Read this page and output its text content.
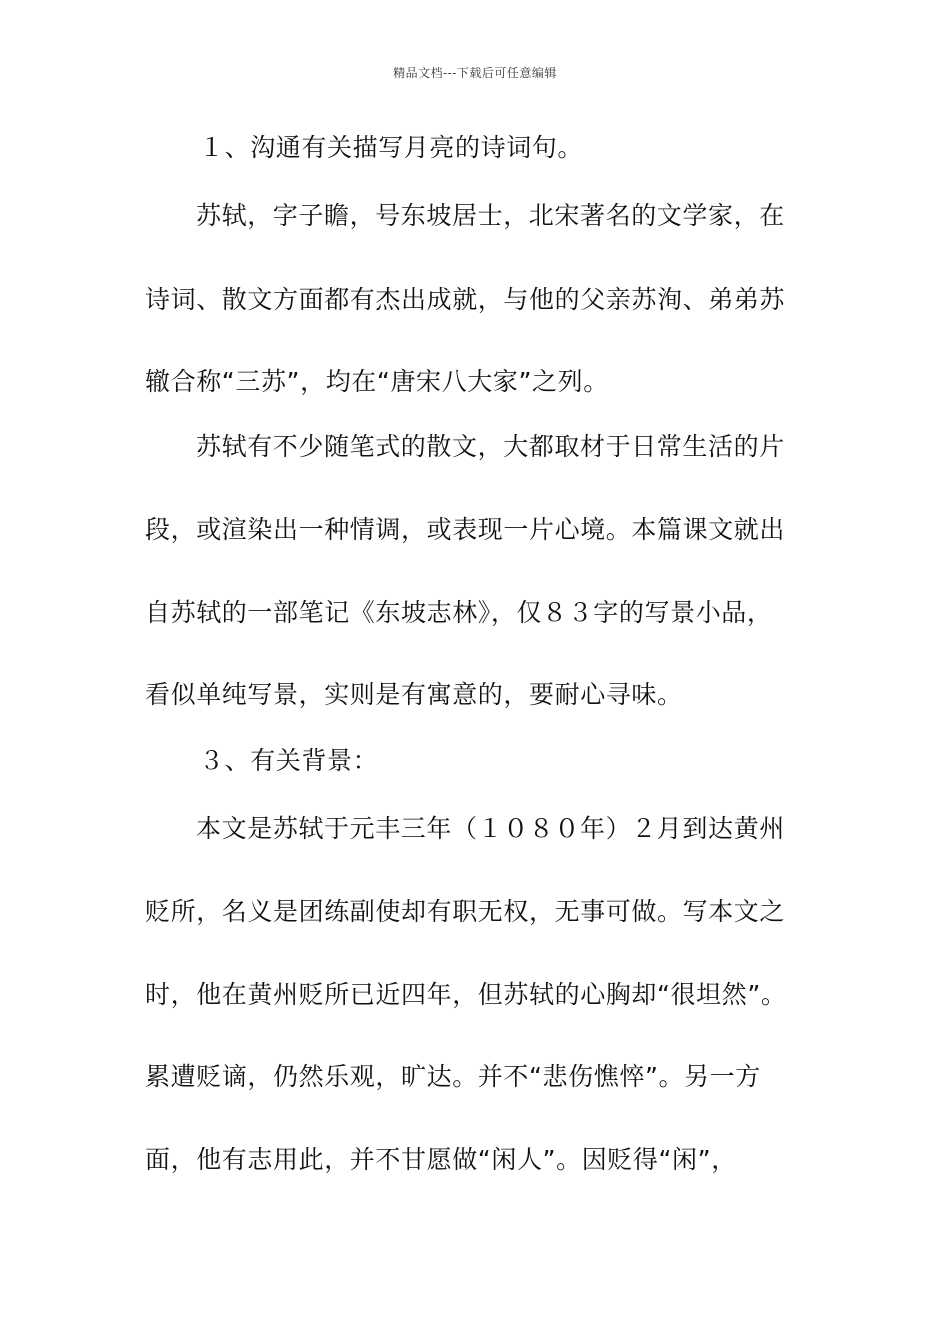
精品文档---下载后可任意编辑
１、沟通有关描写月亮的诗词句。
苏轼，字子瞻，号东坡居士，北宋著名的文学家，在
诗词、散文方面都有杰出成就，与他的父亲苏洵、弟弟苏
辙合称“三苏”，均在“唐宋八大家”之列。
苏轼有不少随笔式的散文，大都取材于日常生活的片
段，或渲染出一种情调，或表现一片心境。本篇课文就出
自苏轼的一部笔记《东坡志林》，仅８３字的写景小品，
看似单纯写景，实则是有寓意的，要耐心寻味。
３、有关背景：
本文是苏轼于元丰三年（１０８０年）２月到达黄州
贬所，名义是团练副使却有职无权，无事可做。写本文之
时，他在黄州贬所已近四年，但苏轼的心胸却“很坦然”。
累遭贬谪，仍然乐观，旷达。并不“悲伤憔悴”。另一方
面，他有志用此，并不甘愿做“闲人”。因贬得“闲”，
